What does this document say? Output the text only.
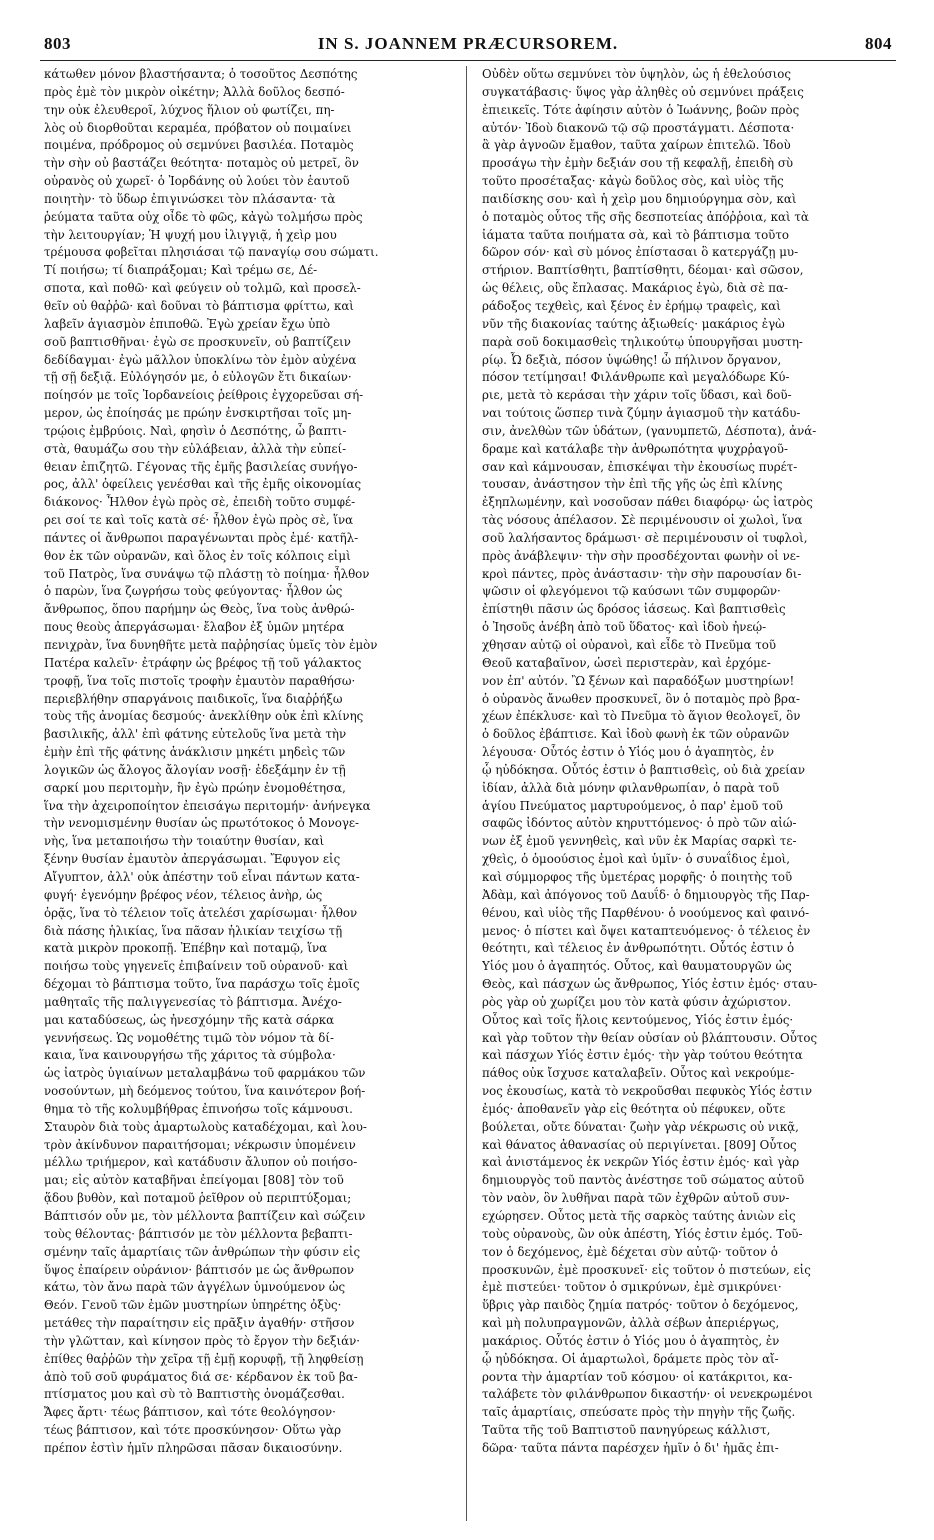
803	IN S. JOANNEM PRÆCURSOREM.	804
κάτωθεν μόνον βλαστήσαντα; ὁ τοσοῦτος Δεσπότης
πρὸς ἐμὲ τὸν μικρὸν οἰκέτην; Ἀλλὰ δοῦλος δεσπό-
την οὐκ ἐλευθεροῖ, λύχνος ἥλιον οὐ φωτίζει, πη-
λὸς οὐ διορθοῦται κεραμέα, πρόβατον οὐ ποιμαίνει
ποιμένα, πρόδρομος οὐ σεμνύνει βασιλέα. Ποταμὸς
τὴν σὴν οὐ βαστάζει θεότητα· ποταμὸς οὐ μετρεῖ, ὃν
οὐρανὸς οὐ χωρεῖ· ὁ Ἰορδάνης οὐ λούει τὸν ἑαυτοῦ
ποιητὴν· τὸ ὕδωρ ἐπιγινώσκει τὸν πλάσαντα· τὰ
ῥεύματα ταῦτα οὐχ οἶδε τὸ φῶς, κἀγὼ τολμήσω πρὸς
τὴν λειτουργίαν; Ἡ ψυχή μου ἰλιγγιᾷ, ἡ χεὶρ μου
τρέμουσα φοβεῖται πλησιάσαι τῷ παναγίῳ σου σώματι.
Τί ποιήσω; τί διαπράξομαι; Καὶ τρέμω σε, Δέ-
σποτα, καὶ ποθῶ· καὶ φεύγειν οὐ τολμῶ, καὶ προσελ-
θεῖν οὐ θαῤῥῶ· καὶ δοῦναι τὸ βάπτισμα φρίττω, καὶ
λαβεῖν ἁγιασμὸν ἐπιποθῶ. Ἐγὼ χρείαν ἔχω ὑπὸ
σοῦ βαπτισθῆναι· ἐγὼ σε προσκυνεῖν, οὐ βαπτίζειν
δεδίδαγμαι· ἐγὼ μᾶλλον ὑποκλίνω τὸν ἐμὸν αὐχένα
τῇ σῇ δεξιᾷ. Εὐλόγησόν με, ὁ εὐλογῶν ἔτι δικαίων·
ποίησόν με τοῖς Ἰορδανείοις ῥείθροις ἐγχορεῦσαι σή-
μερον, ὡς ἐποίησάς με πρώην ἐνσκιρτῆσαι τοῖς μη-
τρῴοις ἐμβρύοις. Ναὶ, φησὶν ὁ Δεσπότης, ὦ βαπτι-
στὰ, θαυμάζω σου τὴν εὐλάβειαν, ἀλλὰ τὴν εὐπεί-
θειαν ἐπιζητῶ. Γέγονας τῆς ἐμῆς βασιλείας συνήγο-
ρος, ἀλλ' ὀφείλεις γενέσθαι καὶ τῆς ἐμῆς οἰκονομίας
διάκονος· Ἦλθον ἐγὼ πρὸς σὲ, ἐπειδὴ τοῦτο συμφέ-
ρει σοί τε καὶ τοῖς κατὰ σέ· ἦλθον ἐγὼ πρὸς σὲ, ἵνα
πάντες οἱ ἄνθρωποι παραγένωνται πρὸς ἐμέ· κατῆλ-
θον ἐκ τῶν οὐρανῶν, καὶ ὅλος ἐν τοῖς κόλποις εἰμὶ
τοῦ Πατρὸς, ἵνα συνάψω τῷ πλάστῃ τὸ ποίημα· ἦλθον
ὁ παρὼν, ἵνα ζωγρήσω τοὺς φεύγοντας· ἦλθον ὡς
ἄνθρωπος, ὅπου παρήμην ὡς Θεὸς, ἵνα τοὺς ἀνθρώ-
πους θεοὺς ἀπεργάσωμαι· ἔλαβον ἐξ ὑμῶν μητέρα
πενιχρὰν, ἵνα δυνηθῆτε μετὰ παῤῥησίας ὑμεῖς τὸν ἐμὸν
Πατέρα καλεῖν· ἐτράφην ὡς βρέφος τῇ τοῦ γάλακτος
τροφῇ, ἵνα τοῖς πιστοῖς τροφὴν ἐμαυτὸν παραθήσω·
περιεβλήθην σπαργάνοις παιδικοῖς, ἵνα διαῤῥήξω
τοὺς τῆς ἀνομίας δεσμούς· ἀνεκλίθην οὐκ ἐπὶ κλίνης
βασιλικῆς, ἀλλ' ἐπὶ φάτνης εὐτελοῦς ἵνα μετὰ τὴν
ἐμὴν ἐπὶ τῆς φάτνης ἀνάκλισιν μηκέτι μηδεὶς τῶν
λογικῶν ὡς ἄλογος ἄλογίαν νοσῇ· ἐδεξάμην ἐν τῇ
σαρκί μου περιτομὴν, ἣν ἐγὼ πρώην ἐνομοθέτησα,
ἵνα τὴν ἀχειροποίητον ἐπεισάγω περιτομήν· ἀνήνεγκα
τὴν νενομισμένην θυσίαν ὡς πρωτότοκος ὁ Μονογε-
νὴς, ἵνα μεταποιήσω τὴν τοιαύτην θυσίαν, καὶ
ξένην θυσίαν ἐμαυτὸν ἀπεργάσωμαι. Ἔφυγον εἰς
Αἴγυπτον, ἀλλ' οὐκ ἀπέστην τοῦ εἶναι πάντων κατα-
φυγή· ἐγενόμην βρέφος νέον, τέλειος ἀνὴρ, ὡς
ὁρᾷς, ἵνα τὸ τέλειον τοῖς ἀτελέσι χαρίσωμαι· ἦλθον
διὰ πάσης ἡλικίας, ἵνα πᾶσαν ἡλικίαν τειχίσω τῇ
κατὰ μικρὸν προκοπῇ. Ἐπέβην καὶ ποταμῷ, ἵνα
ποιήσω τοὺς γηγενεῖς ἐπιβαίνειν τοῦ οὐρανοῦ· καὶ
δέχομαι τὸ βάπτισμα τοῦτο, ἵνα παράσχω τοῖς ἐμοῖς
μαθηταῖς τῆς παλιγγενεσίας τὸ βάπτισμα. Ἀνέχο-
μαι καταδύσεως, ὡς ἠνεσχόμην τῆς κατὰ σάρκα
γεννήσεως. Ὡς νομοθέτης τιμῶ τὸν νόμον τὰ δί-
καια, ἵνα καινουργήσω τῆς χάριτος τὰ σύμβολα·
ὡς ἰατρὸς ὑγιαίνων μεταλαμβάνω τοῦ φαρμάκου τῶν
νοσούντων, μὴ δεόμενος τούτου, ἵνα καινότερον βοή-
θημα τὸ τῆς κολυμβήθρας ἐπινοήσω τοῖς κάμνουσι.
Σταυρὸν διὰ τοὺς ἁμαρτωλοὺς καταδέχομαι, καὶ λου-
τρὸν ἀκίνδυνον παραιτήσομαι; νέκρωσιν ὑπομένειν
μέλλω τριήμερον, καὶ κατάδυσιν ἄλυπον οὐ ποιήσο-
μαι; εἰς αὐτὸν καταβῆναι ἐπείγομαι [808] τὸν τοῦ
ᾅδου βυθὸν, καὶ ποταμοῦ ῥεῖθρον οὐ περιπτύξομαι;
Βάπτισόν οὖν με, τὸν μέλλοντα βαπτίζειν καὶ σώζειν
τοὺς θέλοντας· βάπτισόν με τὸν μέλλοντα βεβαπτι-
σμένην ταῖς ἁμαρτίαις τῶν ἀνθρώπων τὴν φύσιν εἰς
ὕψος ἐπαίρειν οὐράνιον· βάπτισόν με ὡς ἄνθρωπον
κάτω, τὸν ἄνω παρὰ τῶν ἀγγέλων ὑμνούμενον ὡς
Θεόν. Γενοῦ τῶν ἐμῶν μυστηρίων ὑπηρέτης ὀξὺς·
μετάθες τὴν παραίτησιν εἰς πρᾶξιν ἀγαθήν· στῆσον
τὴν γλῶτταν, καὶ κίνησον πρὸς τὸ ἔργον τὴν δεξιάν·
ἐπίθες θαῤῥῶν τὴν χεῖρα τῇ ἐμῇ κορυφῇ, τῇ ληφθείσῃ
ἀπὸ τοῦ σοῦ φυράματος διά σε· κέρδανον ἐκ τοῦ βα-
πτίσματος μου καὶ σὺ τὸ Βαπτιστὴς ὀνομάζεσθαι.
Ἄφες ἄρτι· τέως βάπτισον, καὶ τότε θεολόγησον·
τέως βάπτισον, καὶ τότε προσκύνησον· Οὕτω γὰρ
πρέπον ἐστὶν ἡμῖν πληρῶσαι πᾶσαν δικαιοσύνην.
Οὐδὲν οὕτω σεμνύνει τὸν ὑψηλὸν, ὡς ἡ ἐθελούσιος
συγκατάβασις· ὕψος γὰρ ἀληθὲς οὐ σεμνύνει πράξεις
ἐπιεικεῖς. Τότε ἀφίησιν αὐτὸν ὁ Ἰωάννης, βοῶν πρὸς
αὐτόν· Ἰδοὺ διακονῶ τῷ σῷ προστάγματι. Δέσποτα·
ἃ γὰρ ἀγνοῶν ἔμαθον, ταῦτα χαίρων ἐπιτελῶ. Ἰδοὺ
προσάγω τὴν ἐμὴν δεξιάν σου τῇ κεφαλῇ, ἐπειδὴ σὺ
τοῦτο προσέταξας· κἀγὼ δοῦλος σὸς, καὶ υἱὸς τῆς
παιδίσκης σου· καὶ ἡ χεὶρ μου δημιούργημα σὸν, καὶ
ὁ ποταμὸς οὗτος τῆς σῆς δεσποτείας ἀπόῤῥοια, καὶ τὰ
ἰάματα ταῦτα ποιήματα σὰ, καὶ τὸ βάπτισμα τοῦτο
δῶρον σόν· καὶ σὺ μόνος ἐπίστασαι ὃ κατεργάζῃ μυ-
στήριον. Βαπτίσθητι, βαπτίσθητι, δέομαι· καὶ σῶσον,
ὡς θέλεις, οὓς ἔπλασας. Μακάριος ἐγὼ, διὰ σὲ πα-
ράδοξος τεχθεὶς, καὶ ξένος ἐν ἐρήμῳ τραφεὶς, καὶ
νῦν τῆς διακονίας ταύτης ἀξιωθείς· μακάριος ἐγὼ
παρὰ σοῦ δοκιμασθεὶς τηλικούτῳ ὑπουργῆσαι μυστη-
ρίῳ. Ὦ δεξιὰ, πόσον ὑψώθης! ὦ πήλινον ὄργανον,
πόσον τετίμησαι! Φιλάνθρωπε καὶ μεγαλόδωρε Κύ-
ριε, μετὰ τὸ κεράσαι τὴν χάριν τοῖς ὕδασι, καὶ δοῦ-
ναι τούτοις ὥσπερ τινὰ ζύμην ἁγιασμοῦ τὴν κατάδυ-
σιν, ἀνελθὼν τῶν ὑδάτων, (γανυμπετῶ, Δέσποτα), ἀνά-
δραμε καὶ κατάλαβε τὴν ἀνθρωπότητα ψυχρῥαγοῦ-
σαν καὶ κάμνουσαν, ἐπισκέψαι τὴν ἐκουσίως πυρέτ-
τουσαν, ἀνάστησον τὴν ἐπὶ τῆς γῆς ὡς ἐπὶ κλίνης
ἐξηπλωμένην, καὶ νοσοῦσαν πάθει διαφόρῳ· ὡς ἰατρὸς
τὰς νόσους ἀπέλασον. Σὲ περιμένουσιν οἱ χωλοὶ, ἵνα
σοῦ λαλήσαντος δράμωσι· σὲ περιμένουσιν οἱ τυφλοὶ,
πρὸς ἀνάβλεψιν· τὴν σὴν προσδέχονται φωνὴν οἱ νε-
κροὶ πάντες, πρὸς ἀνάστασιν· τὴν σὴν παρουσίαν δι-
ψῶσιν οἱ φλεγόμενοι τῷ καύσωνι τῶν συμφορῶν·
ἐπίστηθι πᾶσιν ὡς δρόσος ἰάσεως. Καὶ βαπτισθεὶς
ὁ Ἰησοῦς ἀνέβη ἀπὸ τοῦ ὕδατος· καὶ ἰδοὺ ἠνεῴ-
χθησαν αὐτῷ οἱ οὐρανοὶ, καὶ εἶδε τὸ Πνεῦμα τοῦ
Θεοῦ καταβαῖνον, ὡσεὶ περιστερὰν, καὶ ἐρχόμε-
νον ἐπ' αὐτόν. Ὢ ξένων καὶ παραδόξων μυστηρίων!
ὁ οὐρανὸς ἄνωθεν προσκυνεῖ, ὃν ὁ ποταμὸς πρὸ βρα-
χέων ἐπέκλυσε· καὶ τὸ Πνεῦμα τὸ ἅγιον θεολογεῖ, ὃν
ὁ δοῦλος ἐβάπτισε. Καὶ ἰδοὺ φωνὴ ἐκ τῶν οὐρανῶν
λέγουσα· Οὗτός ἐστιν ὁ Υἱός μου ὁ ἀγαπητὸς, ἐν
ᾧ ηὐδόκησα. Οὗτός ἐστιν ὁ βαπτισθεὶς, οὐ διὰ χρείαν
ἰδίαν, ἀλλὰ διὰ μόνην φιλανθρωπίαν, ὁ παρὰ τοῦ
ἁγίου Πνεύματος μαρτυρούμενος, ὁ παρ' ἐμοῦ τοῦ
σαφῶς ἰδόντος αὐτὸν κηρυττόμενος· ὁ πρὸ τῶν αἰώ-
νων ἐξ ἐμοῦ γεννηθεὶς, καὶ νῦν ἐκ Μαρίας σαρκὶ τε-
χθεὶς, ὁ ὁμοούσιος ἐμοὶ καὶ ὑμῖν· ὁ συναΐδιος ἐμοὶ,
καὶ σύμμορφος τῆς ὑμετέρας μορφῆς· ὁ ποιητὴς τοῦ
Ἀδὰμ, καὶ ἀπόγονος τοῦ Δαυΐδ· ὁ δημιουργὸς τῆς Παρ-
θένου, καὶ υἱὸς τῆς Παρθένου· ὁ νοούμενος καὶ φαινό-
μενος· ὁ πίστει καὶ ὄψει καταπτευόμενος· ὁ τέλειος ἐν
θεότητι, καὶ τέλειος ἐν ἀνθρωπότητι. Οὗτός ἐστιν ὁ
Υἱός μου ὁ ἀγαπητός. Οὗτος, καὶ θαυματουργῶν ὡς
Θεὸς, καὶ πάσχων ὡς ἄνθρωπος, Υἱός ἐστιν ἐμός· σταυ-
ρὸς γὰρ οὐ χωρίζει μου τὸν κατὰ φύσιν ἀχώριστον.
Οὗτος καὶ τοῖς ἥλοις κεντούμενος, Υἱός ἐστιν ἐμός·
καὶ γὰρ τοῦτον τὴν θείαν οὐσίαν οὐ βλάπτουσιν. Οὗτος
καὶ πάσχων Υἱός ἐστιν ἐμός· τὴν γὰρ τούτου θεότητα
πάθος οὐκ ἴσχυσε καταλαβεῖν. Οὗτος καὶ νεκρούμε-
νος ἐκουσίως, κατὰ τὸ νεκροῦσθαι πεφυκὸς Υἱός ἐστιν
ἐμός· ἀποθανεῖν γὰρ εἰς θεότητα οὐ πέφυκεν, οὔτε
βούλεται, οὔτε δύναται· ζωὴν γὰρ νέκρωσις οὐ νικᾷ,
καὶ θάνατος ἀθανασίας οὐ περιγίνεται. [809] Οὗτος
καὶ ἀνιστάμενος ἐκ νεκρῶν Υἱός ἐστιν ἐμός· καὶ γὰρ
δημιουργὸς τοῦ παντὸς ἀνέστησε τοῦ σώματος αὐτοῦ
τὸν ναὸν, ὃν λυθῆναι παρὰ τῶν ἐχθρῶν αὐτοῦ συν-
εχώρησεν. Οὗτος μετὰ τῆς σαρκὸς ταύτης ἀνιὼν εἰς
τοὺς οὐρανοὺς, ὢν οὐκ ἀπέστη, Υἱός ἐστιν ἐμός. Τοῦ-
τον ὁ δεχόμενος, ἐμὲ δέχεται σὺν αὐτῷ· τοῦτον ὁ
προσκυνῶν, ἐμὲ προσκυνεῖ· εἰς τοῦτον ὁ πιστεύων, εἰς
ἐμὲ πιστεύει· τοῦτον ὁ σμικρύνων, ἐμὲ σμικρύνει·
ὕβρις γὰρ παιδὸς ζημία πατρός· τοῦτον ὁ δεχόμενος,
καὶ μὴ πολυπραγμονῶν, ἀλλὰ σέβων ἀπεριέργως,
μακάριος. Οὗτός ἐστιν ὁ Υἱός μου ὁ ἀγαπητὸς, ἐν
ᾧ ηὐδόκησα. Οἱ ἁμαρτωλοὶ, δράμετε πρὸς τὸν αἴ-
ροντα τὴν ἁμαρτίαν τοῦ κόσμου· οἱ κατάκριτοι, κα-
ταλάβετε τὸν φιλάνθρωπον δικαστήν· οἱ νενεκρωμένοι
ταῖς ἁμαρτίαις, σπεύσατε πρὸς τὴν πηγὴν τῆς ζωῆς.
Ταῦτα τῆς τοῦ Βαπτιστοῦ πανηγύρεως κάλλιστ,
δῶρα· ταῦτα πάντα παρέσχεν ἡμῖν ὁ δι' ἡμᾶς ἐπι-
